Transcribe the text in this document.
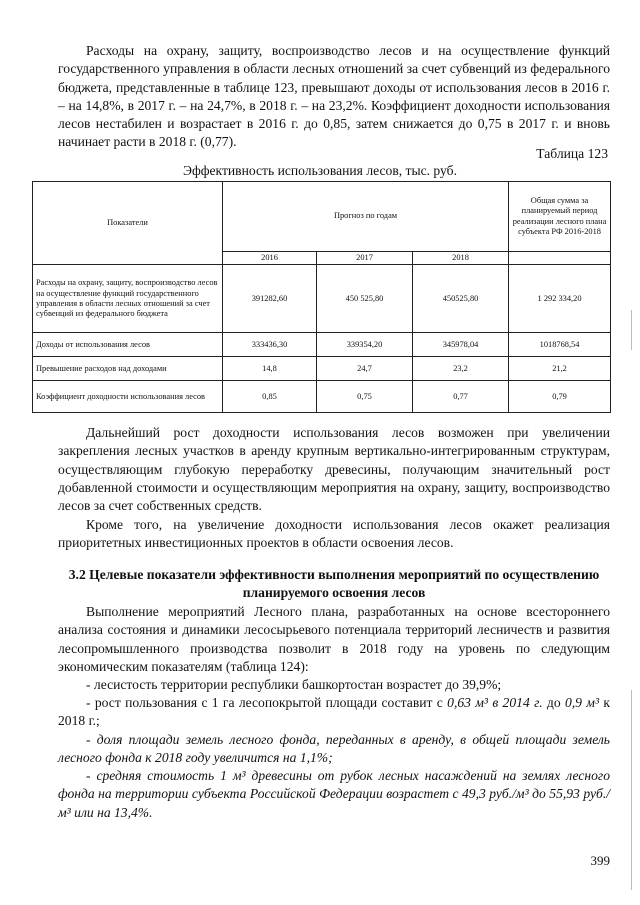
Расходы на охрану, защиту, воспроизводство лесов и на осуществление функций государственного управления в области лесных отношений за счет субвенций из федерального бюджета, представленные в таблице 123, превышают доходы от использования лесов в 2016 г. – на 14,8%, в 2017 г. – на 24,7%, в 2018 г. – на 23,2%. Коэффициент доходности использования лесов нестабилен и возрастает в 2016 г. до 0,85, затем снижается до 0,75 в 2017 г. и вновь начинает расти в 2018 г. (0,77).
Таблица 123
Эффективность использования лесов, тыс. руб.
Показатели	Прогноз по годам			Общая сумма за планируемый период реализации лесного плана субъекта РФ 2016-2018
	2016	2017	2018	
Расходы на охрану, защиту, воспроизводство лесов на осуществление функций государственного управления в области лесных отношений за счет субвенций из федерального бюджета	391282,60	450 525,80	450525,80	1 292 334,20
Доходы от использования лесов	333436,30	339354,20	345978,04	1018768,54
Превышение расходов над доходами	14,8	24,7	23,2	21,2
Коэффициент доходности использования лесов	0,85	0,75	0,77	0,79
Дальнейший рост доходности использования лесов возможен при увеличении закрепления лесных участков в аренду крупным вертикально-интегрированным структурам, осуществляющим глубокую переработку древесины, получающим значительный рост добавленной стоимости и осуществляющим мероприятия на охрану, защиту, воспроизводство лесов за счет собственных средств.
Кроме того, на увеличение доходности использования лесов окажет реализация приоритетных инвестиционных проектов в области освоения лесов.
3.2 Целевые показатели эффективности выполнения мероприятий по осуществлению планируемого освоения лесов
Выполнение мероприятий Лесного плана, разработанных на основе всестороннего анализа состояния и динамики лесосырьевого потенциала территорий лесничеств и развития лесопромышленного производства позволит в 2018 году на уровень по следующим экономическим показателям (таблица 124):
- лесистость территории республики башкортостан возрастет до 39,9%;
- рост пользования с 1 га лесопокрытой площади составит с 0,63 м³ в 2014 г. до 0,9 м³ к 2018 г.;
- доля площади земель лесного фонда, переданных в аренду, в общей площади земель лесного фонда к 2018 году увеличится на 1,1%;
- средняя стоимость 1 м³ древесины от рубок лесных насаждений на землях лесного фонда на территории субъекта Российской Федерации возрастет с 49,3 руб./м³ до 55,93 руб./м³ или на 13,4%.
399
